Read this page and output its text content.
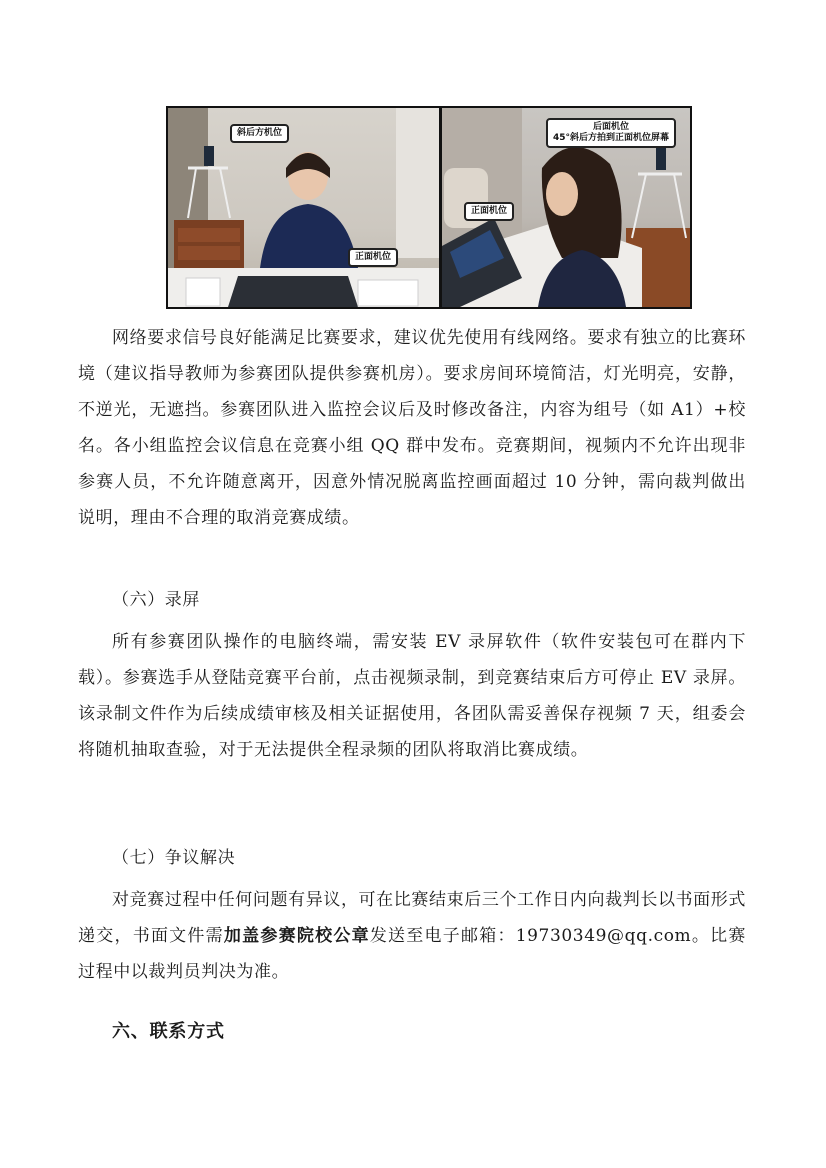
斜后方机位
正面机位
后面机位
45°斜后方拍到正面机位屏幕
正面机位

网络要求信号良好能满足比赛要求，建议优先使用有线网络。要求有独立的比赛环境（建议指导教师为参赛团队提供参赛机房）。要求房间环境简洁，灯光明亮，安静，不逆光，无遮挡。参赛团队进入监控会议后及时修改备注，内容为组号（如 A1）+校名。各小组监控会议信息在竞赛小组 QQ 群中发布。竞赛期间，视频内不允许出现非参赛人员，不允许随意离开，因意外情况脱离监控画面超过 10 分钟，需向裁判做出说明，理由不合理的取消竞赛成绩。

（六）录屏

所有参赛团队操作的电脑终端，需安装 EV 录屏软件（软件安装包可在群内下载）。参赛选手从登陆竞赛平台前，点击视频录制，到竞赛结束后方可停止 EV 录屏。该录制文件作为后续成绩审核及相关证据使用，各团队需妥善保存视频 7 天，组委会将随机抽取查验，对于无法提供全程录频的团队将取消比赛成绩。

（七）争议解决

对竞赛过程中任何问题有异议，可在比赛结束后三个工作日内向裁判长以书面形式递交，书面文件需加盖参赛院校公章发送至电子邮箱：19730349@qq.com。比赛过程中以裁判员判决为准。

六、联系方式
